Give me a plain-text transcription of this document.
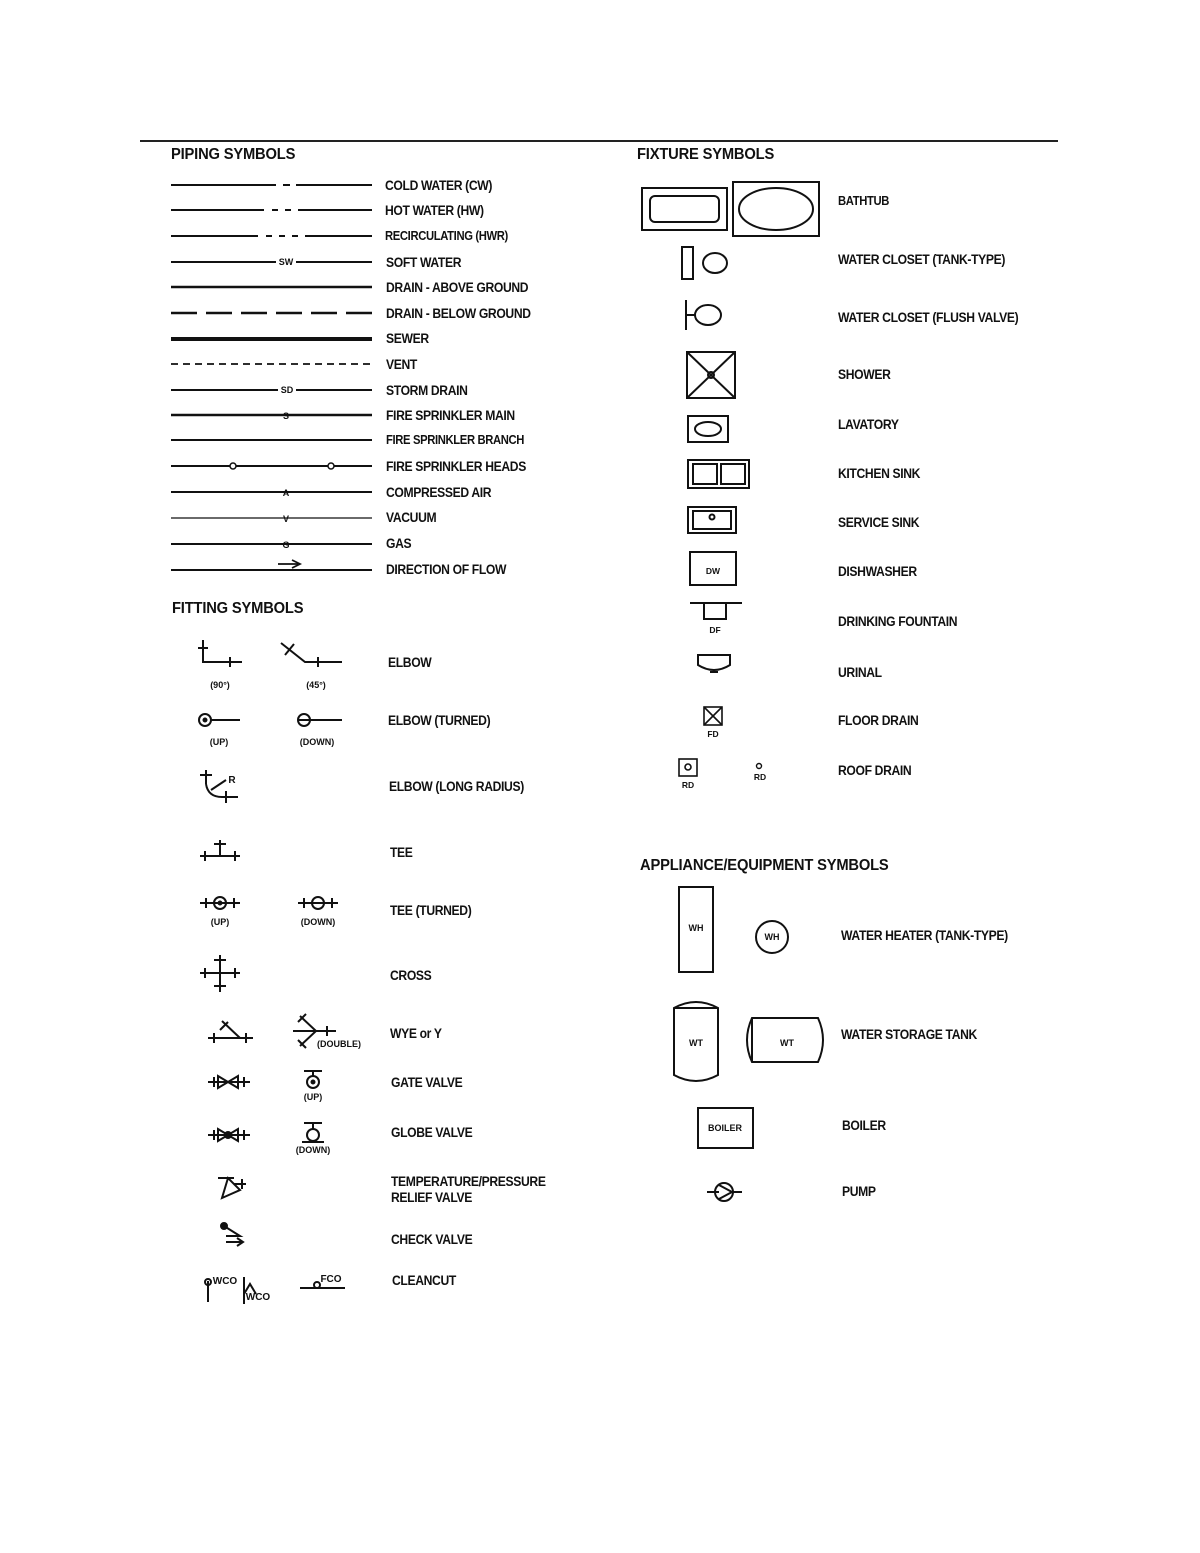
PIPING SYMBOLS
FITTING SYMBOLS
FIXTURE SYMBOLS
APPLIANCE/EQUIPMENT SYMBOLS
SW
SD
S
A
V
G
COLD WATER (CW)
HOT WATER (HW)
RECIRCULATING (HWR)
SOFT WATER
DRAIN - ABOVE GROUND
DRAIN - BELOW GROUND
SEWER
VENT
STORM DRAIN
FIRE SPRINKLER MAIN
FIRE SPRINKLER BRANCH
FIRE SPRINKLER HEADS
COMPRESSED AIR
VACUUM
GAS
DIRECTION OF FLOW
(90°)	(45°)
(UP)	(DOWN)
R
(UP)	(DOWN)
(DOUBLE)
(UP)
(DOWN)
WCO
WCO
FCO
ELBOW
ELBOW (TURNED)
ELBOW (LONG RADIUS)
TEE
TEE (TURNED)
CROSS
WYE or Y
GATE VALVE
GLOBE VALVE
TEMPERATURE/PRESSURE
RELIEF VALVE
CHECK VALVE
CLEANCUT
DW
DF
FD
RD
RD
BATHTUB
WATER CLOSET (TANK-TYPE)
WATER CLOSET (FLUSH VALVE)
SHOWER
LAVATORY
KITCHEN SINK
SERVICE SINK
DISHWASHER
DRINKING FOUNTAIN
URINAL
FLOOR DRAIN
ROOF DRAIN
WH
WH
WT	WT
BOILER
WATER HEATER (TANK-TYPE)
WATER STORAGE TANK
BOILER
PUMP
